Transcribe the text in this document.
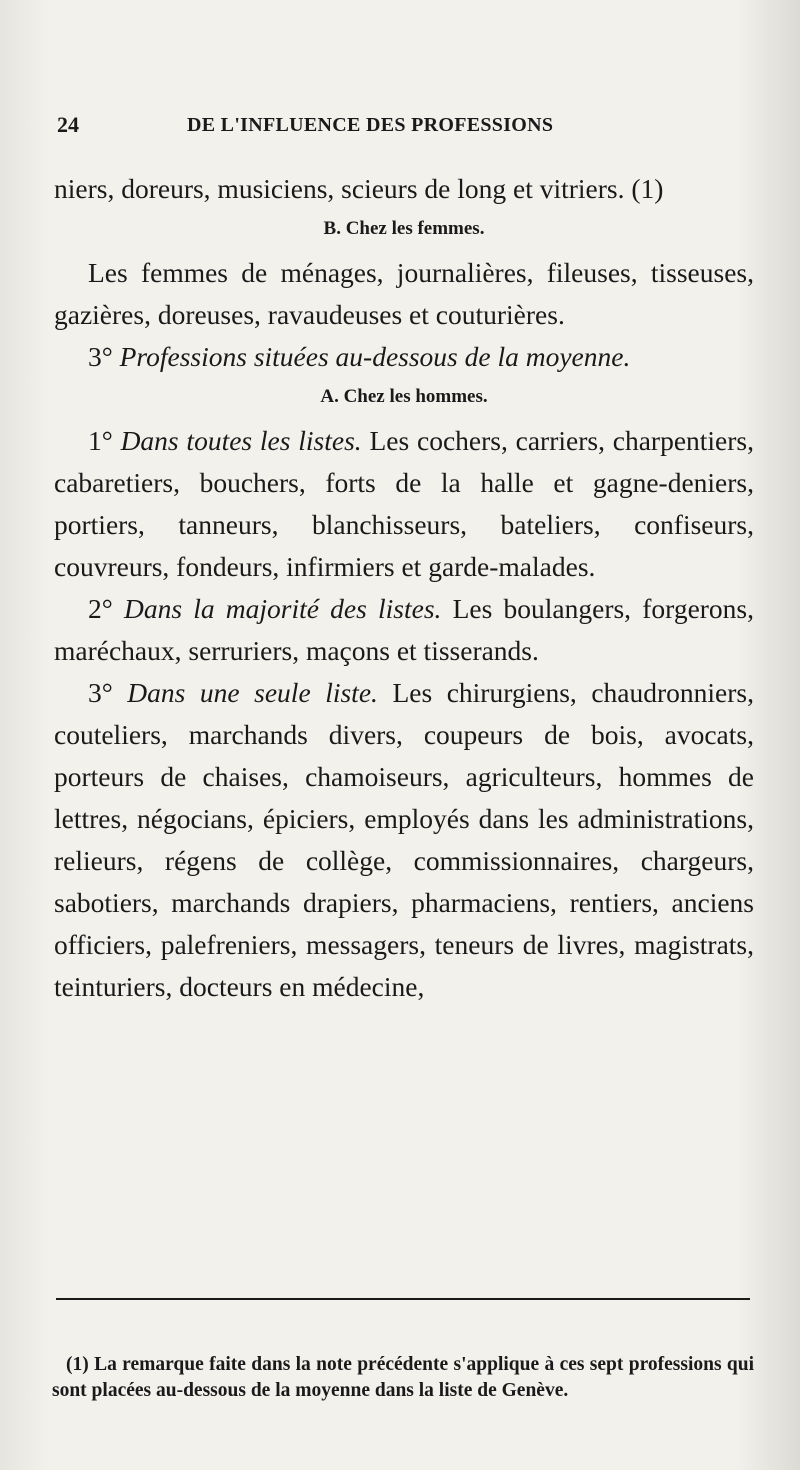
24	DE L'INFLUENCE DES PROFESSIONS

niers, doreurs, musiciens, scieurs de long et vitriers. (1)

B. Chez les femmes.

Les femmes de ménages, journalières, fileuses, tisseuses, gazières, doreuses, ravaudeuses et couturières.

3° Professions situées au-dessous de la moyenne.

A. Chez les hommes.

1° Dans toutes les listes. Les cochers, carriers, charpentiers, cabaretiers, bouchers, forts de la halle et gagne-deniers, portiers, tanneurs, blanchisseurs, bateliers, confiseurs, couvreurs, fondeurs, infirmiers et garde-malades.

2° Dans la majorité des listes. Les boulangers, forgerons, maréchaux, serruriers, maçons et tisserands.

3° Dans une seule liste. Les chirurgiens, chaudronniers, couteliers, marchands divers, coupeurs de bois, avocats, porteurs de chaises, chamoiseurs, agriculteurs, hommes de lettres, négocians, épiciers, employés dans les administrations, relieurs, régens de collège, commissionnaires, chargeurs, sabotiers, marchands drapiers, pharmaciens, rentiers, anciens officiers, palefreniers, messagers, teneurs de livres, magistrats, teinturiers, docteurs en médecine,

(1) La remarque faite dans la note précédente s'applique à ces sept professions qui sont placées au-dessous de la moyenne dans la liste de Genève.
